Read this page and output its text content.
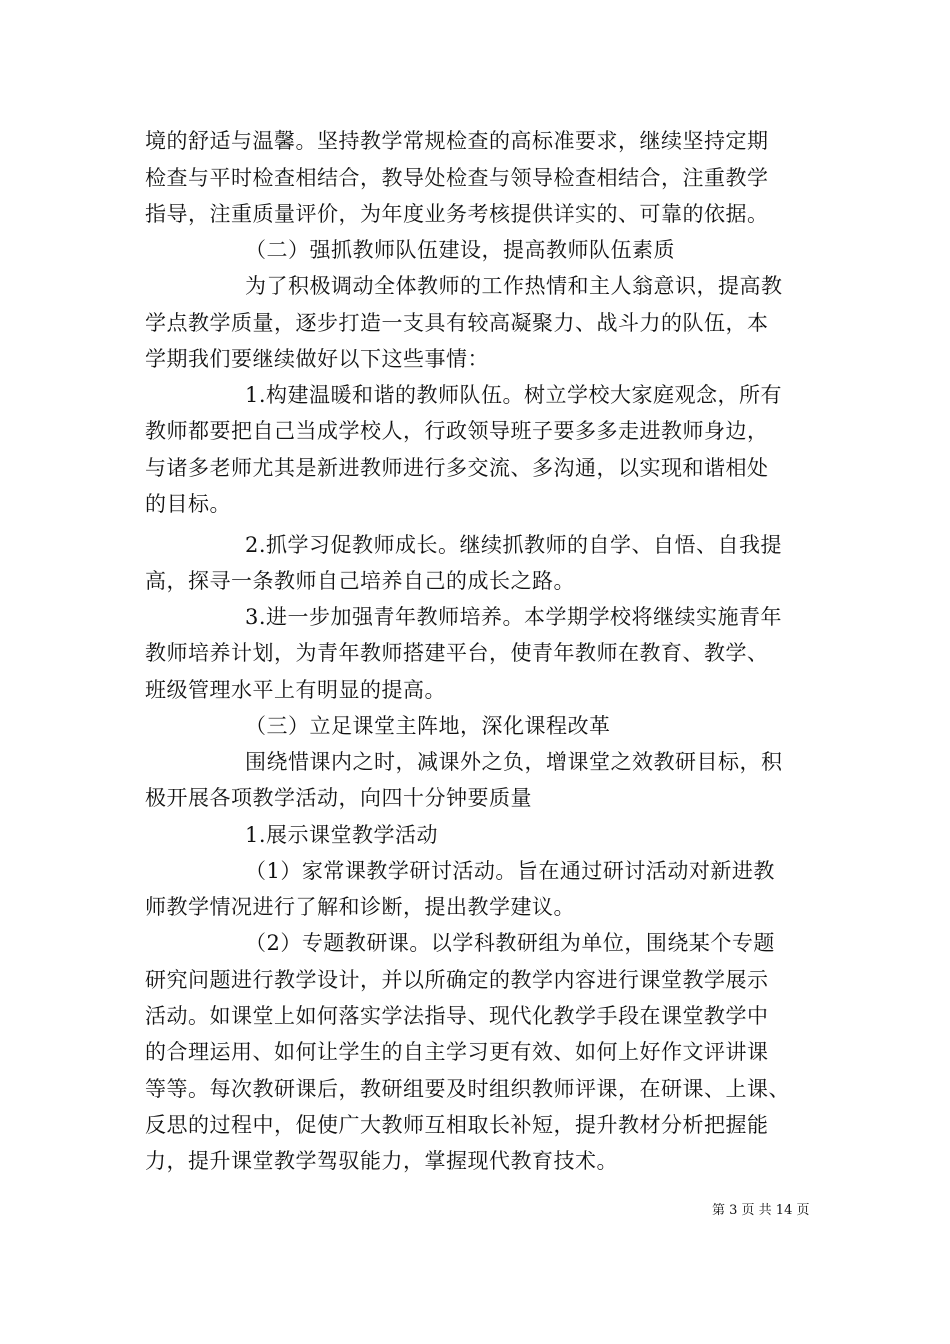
境的舒适与温馨。坚持教学常规检查的高标准要求，继续坚持定期
检查与平时检查相结合，教导处检查与领导检查相结合，注重教学
指导，注重质量评价，为年度业务考核提供详实的、可靠的依据。
（二）强抓教师队伍建设，提高教师队伍素质
为了积极调动全体教师的工作热情和主人翁意识，提高教
学点教学质量，逐步打造一支具有较高凝聚力、战斗力的队伍，本
学期我们要继续做好以下这些事情：
1.构建温暖和谐的教师队伍。树立学校大家庭观念，所有
教师都要把自己当成学校人，行政领导班子要多多走进教师身边，
与诸多老师尤其是新进教师进行多交流、多沟通，以实现和谐相处
的目标。
2.抓学习促教师成长。继续抓教师的自学、自悟、自我提
高，探寻一条教师自己培养自己的成长之路。
3.进一步加强青年教师培养。本学期学校将继续实施青年
教师培养计划，为青年教师搭建平台，使青年教师在教育、教学、
班级管理水平上有明显的提高。
（三）立足课堂主阵地，深化课程改革
围绕惜课内之时，减课外之负，增课堂之效教研目标，积
极开展各项教学活动，向四十分钟要质量
1.展示课堂教学活动
（1）家常课教学研讨活动。旨在通过研讨活动对新进教
师教学情况进行了解和诊断，提出教学建议。
（2）专题教研课。以学科教研组为单位，围绕某个专题
研究问题进行教学设计，并以所确定的教学内容进行课堂教学展示
活动。如课堂上如何落实学法指导、现代化教学手段在课堂教学中
的合理运用、如何让学生的自主学习更有效、如何上好作文评讲课
等等。每次教研课后，教研组要及时组织教师评课，在研课、上课、
反思的过程中，促使广大教师互相取长补短，提升教材分析把握能
力，提升课堂教学驾驭能力，掌握现代教育技术。
第 3 页 共 14 页
